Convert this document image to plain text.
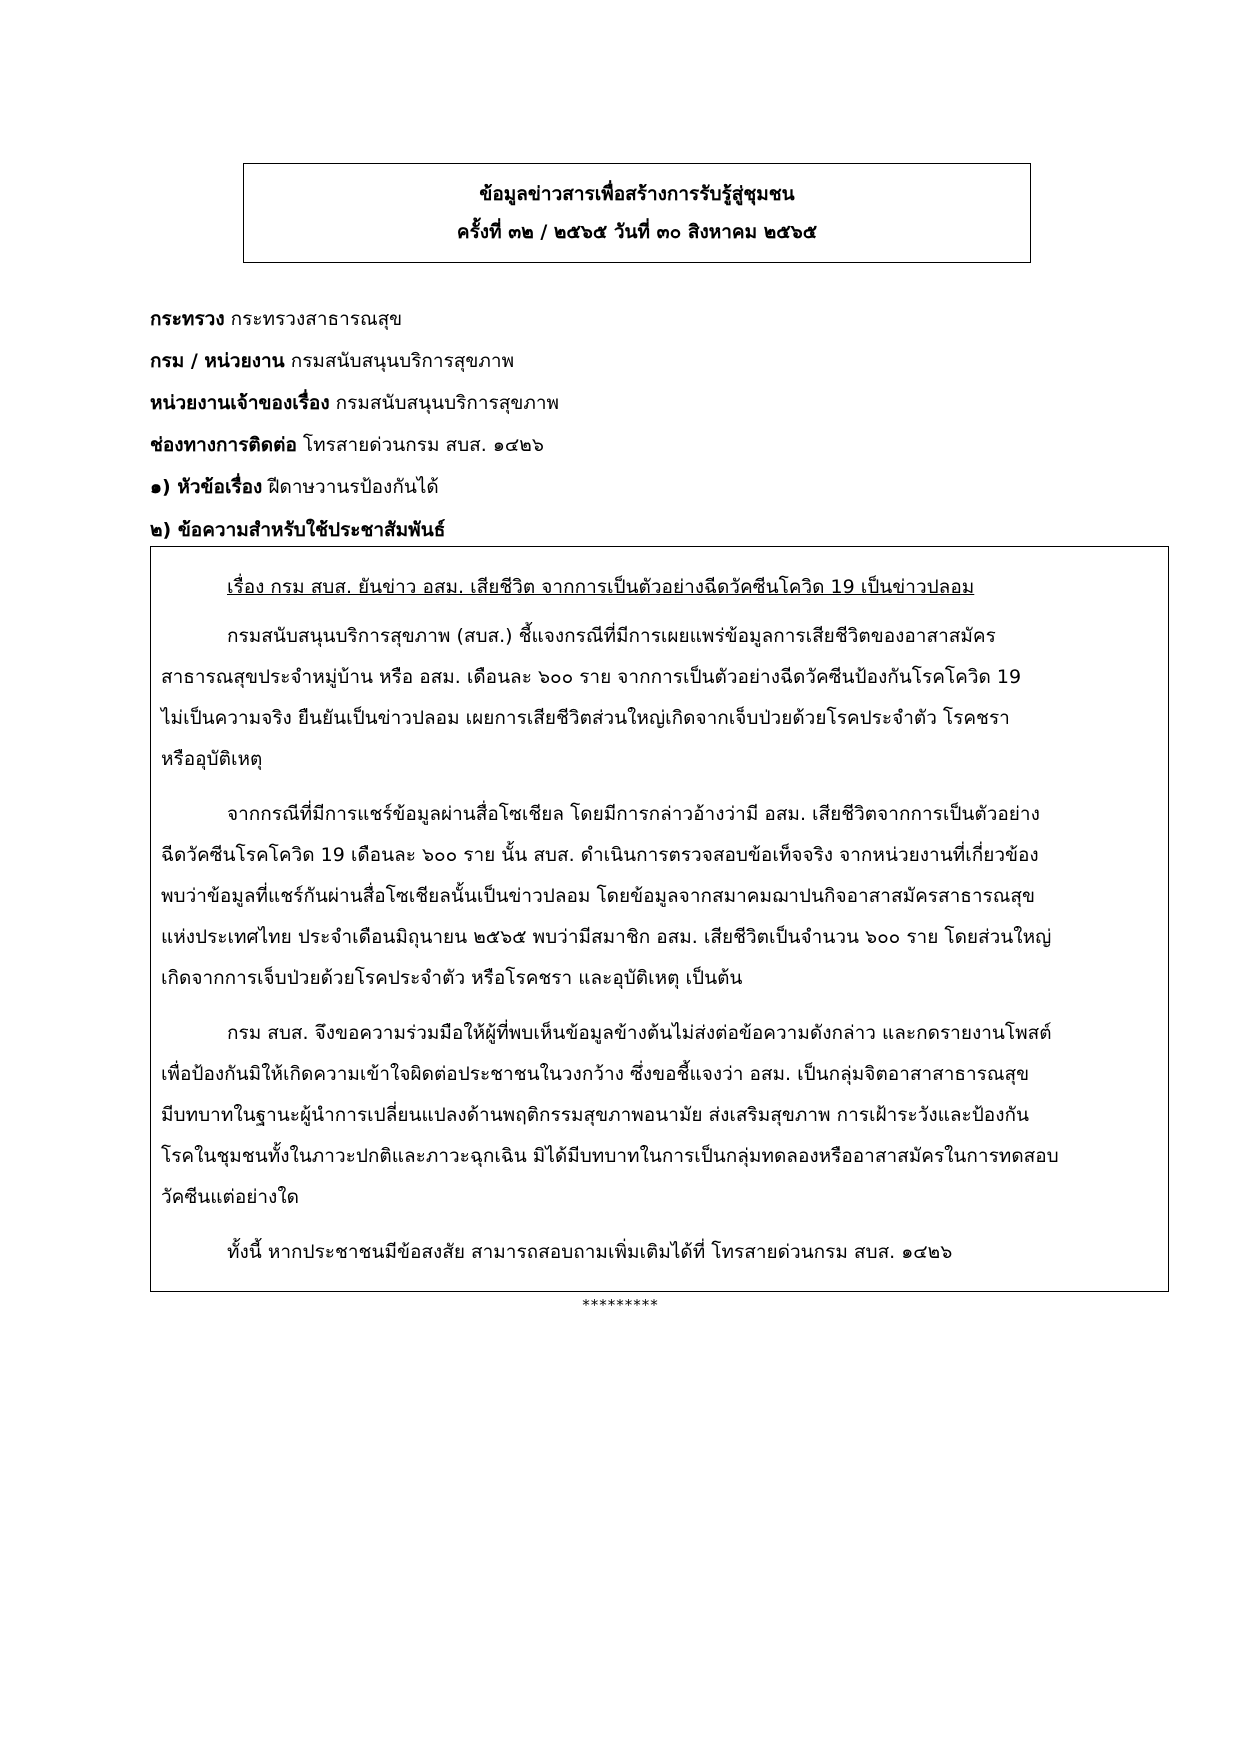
ข้อมูลข่าวสารเพื่อสร้างการรับรู้สู่ชุมชน
ครั้งที่ ๓๒ / ๒๕๖๕ วันที่ ๓๐ สิงหาคม ๒๕๖๕
กระทรวง กระทรวงสาธารณสุข
กรม / หน่วยงาน กรมสนับสนุนบริการสุขภาพ
หน่วยงานเจ้าของเรื่อง กรมสนับสนุนบริการสุขภาพ
ช่องทางการติดต่อ โทรสายด่วนกรม สบส. ๑๔๒๖
๑) หัวข้อเรื่อง ฝีดาษวานรป้องกันได้
๒) ข้อความสำหรับใช้ประชาสัมพันธ์
เรื่อง กรม สบส. ยันข่าว อสม. เสียชีวิต จากการเป็นตัวอย่างฉีดวัคซีนโควิด 19 เป็นข่าวปลอม
กรมสนับสนุนบริการสุขภาพ (สบส.) ชี้แจงกรณีที่มีการเผยแพร่ข้อมูลการเสียชีวิตของอาสาสมัคร
สาธารณสุขประจำหมู่บ้าน หรือ อสม. เดือนละ ๖๐๐ ราย จากการเป็นตัวอย่างฉีดวัคซีนป้องกันโรคโควิด 19
ไม่เป็นความจริง ยืนยันเป็นข่าวปลอม เผยการเสียชีวิตส่วนใหญ่เกิดจากเจ็บป่วยด้วยโรคประจำตัว โรคชรา
หรืออุบัติเหตุ
จากกรณีที่มีการแชร์ข้อมูลผ่านสื่อโซเชียล โดยมีการกล่าวอ้างว่ามี อสม. เสียชีวิตจากการเป็นตัวอย่าง
ฉีดวัคซีนโรคโควิด 19 เดือนละ ๖๐๐ ราย นั้น สบส. ดำเนินการตรวจสอบข้อเท็จจริง จากหน่วยงานที่เกี่ยวข้อง
พบว่าข้อมูลที่แชร์กันผ่านสื่อโซเชียลนั้นเป็นข่าวปลอม โดยข้อมูลจากสมาคมฌาปนกิจอาสาสมัครสาธารณสุข
แห่งประเทศไทย ประจำเดือนมิถุนายน ๒๕๖๕ พบว่ามีสมาชิก อสม. เสียชีวิตเป็นจำนวน ๖๐๐ ราย โดยส่วนใหญ่
เกิดจากการเจ็บป่วยด้วยโรคประจำตัว หรือโรคชรา และอุบัติเหตุ เป็นต้น
กรม สบส. จึงขอความร่วมมือให้ผู้ที่พบเห็นข้อมูลข้างต้นไม่ส่งต่อข้อความดังกล่าว และกดรายงานโพสต์
เพื่อป้องกันมิให้เกิดความเข้าใจผิดต่อประชาชนในวงกว้าง ซึ่งขอชี้แจงว่า อสม. เป็นกลุ่มจิตอาสาสาธารณสุข
มีบทบาทในฐานะผู้นำการเปลี่ยนแปลงด้านพฤติกรรมสุขภาพอนามัย ส่งเสริมสุขภาพ การเฝ้าระวังและป้องกัน
โรคในชุมชนทั้งในภาวะปกติและภาวะฉุกเฉิน มิได้มีบทบาทในการเป็นกลุ่มทดลองหรืออาสาสมัครในการทดสอบ
วัคซีนแต่อย่างใด
ทั้งนี้ หากประชาชนมีข้อสงสัย สามารถสอบถามเพิ่มเติมได้ที่ โทรสายด่วนกรม สบส. ๑๔๒๖
*********
